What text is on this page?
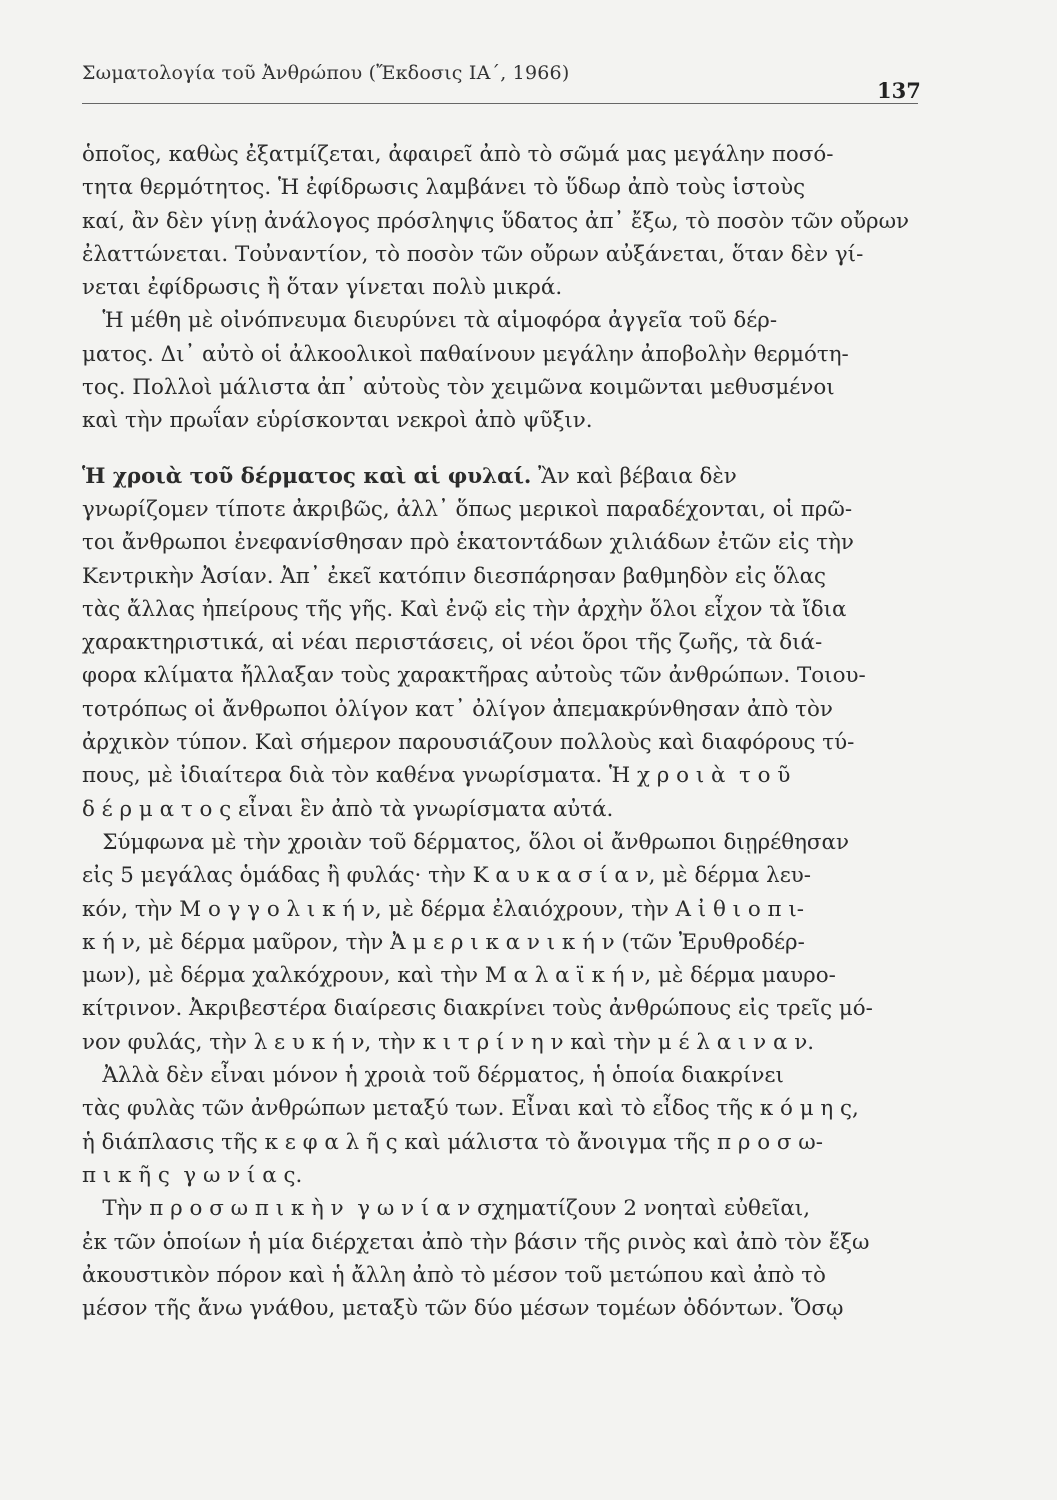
Σωματολογία τοῦ Ἀνθρώπου (Ἔκδοσις ΙΑ΄, 1966)
137
ὁποῖος, καθὼς ἐξατμίζεται, ἀφαιρεῖ ἀπὸ τὸ σῶμά μας μεγάλην ποσό-
τητα θερμότητος. Ἡ ἐφίδρωσις λαμβάνει τὸ ὕδωρ ἀπὸ τοὺς ἱστοὺς
καί, ἂν δὲν γίνῃ ἀνάλογος πρόσληψις ὕδατος ἀπ᾿ ἔξω, τὸ ποσὸν τῶν οὔρων
ἐλαττώνεται. Τοὐναντίον, τὸ ποσὸν τῶν οὔρων αὐξάνεται, ὅταν δὲν γί-
νεται ἐφίδρωσις ἢ ὅταν γίνεται πολὺ μικρά.
Ἡ μέθη μὲ οἰνόπνευμα διευρύνει τὰ αἱμοφόρα ἀγγεῖα τοῦ δέρ-
ματος. Δι᾿ αὐτὸ οἱ ἀλκοολικοὶ παθαίνουν μεγάλην ἀποβολὴν θερμότη-
τος. Πολλοὶ μάλιστα ἀπ᾿ αὐτοὺς τὸν χειμῶνα κοιμῶνται μεθυσμένοι
καὶ τὴν πρωΐαν εὑρίσκονται νεκροὶ ἀπὸ ψῦξιν.
Ἡ χροιὰ τοῦ δέρματος καὶ αἱ φυλαί. Ἂν καὶ βέβαια δὲν
γνωρίζομεν τίποτε ἀκριβῶς, ἀλλ᾿ ὅπως μερικοὶ παραδέχονται, οἱ πρῶ-
τοι ἄνθρωποι ἐνεφανίσθησαν πρὸ ἑκατοντάδων χιλιάδων ἐτῶν εἰς τὴν
Κεντρικὴν Ἀσίαν. Ἀπ᾿ ἐκεῖ κατόπιν διεσπάρησαν βαθμηδὸν εἰς ὅλας
τὰς ἄλλας ἠπείρους τῆς γῆς. Καὶ ἐνῷ εἰς τὴν ἀρχὴν ὅλοι εἶχον τὰ ἴδια
χαρακτηριστικά, αἱ νέαι περιστάσεις, οἱ νέοι ὅροι τῆς ζωῆς, τὰ διά-
φορα κλίματα ἤλλαξαν τοὺς χαρακτῆρας αὐτοὺς τῶν ἀνθρώπων. Τοιου-
τοτρόπως οἱ ἄνθρωποι ὀλίγον κατ᾿ ὀλίγον ἀπεμακρύνθησαν ἀπὸ τὸν
ἀρχικὸν τύπον. Καὶ σήμερον παρουσιάζουν πολλοὺς καὶ διαφόρους τύ-
πους, μὲ ἰδιαίτερα διὰ τὸν καθένα γνωρίσματα. Ἡ χ ρ ο ι ὰ  τ ο ῦ
δ έ ρ μ α τ ο ς εἶναι ἓν ἀπὸ τὰ γνωρίσματα αὐτά.
Σύμφωνα μὲ τὴν χροιὰν τοῦ δέρματος, ὅλοι οἱ ἄνθρωποι διῃρέθησαν
εἰς 5 μεγάλας ὁμάδας ἢ φυλάς· τὴν Κ α υ κ α σ ί α ν, μὲ δέρμα λευ-
κόν, τὴν Μ ο γ γ ο λ ι κ ή ν, μὲ δέρμα ἐλαιόχρουν, τὴν Α ἰ θ ι ο π ι-
κ ή ν, μὲ δέρμα μαῦρον, τὴν Ἀ μ ε ρ ι κ α ν ι κ ή ν (τῶν Ἐρυθροδέρ-
μων), μὲ δέρμα χαλκόχρουν, καὶ τὴν Μ α λ α ϊ κ ή ν, μὲ δέρμα μαυρο-
κίτρινον. Ἀκριβεστέρα διαίρεσις διακρίνει τοὺς ἀνθρώπους εἰς τρεῖς μό-
νον φυλάς, τὴν λ ε υ κ ή ν, τὴν κ ι τ ρ ί ν η ν καὶ τὴν μ έ λ α ι ν α ν.
Ἀλλὰ δὲν εἶναι μόνον ἡ χροιὰ τοῦ δέρματος, ἡ ὁποία διακρίνει
τὰς φυλὰς τῶν ἀνθρώπων μεταξύ των. Εἶναι καὶ τὸ εἶδος τῆς κ ό μ η ς,
ἡ διάπλασις τῆς κ ε φ α λ ῆ ς καὶ μάλιστα τὸ ἄνοιγμα τῆς π ρ ο σ ω-
π ι κ ῆ ς  γ ω ν ί α ς.
Τὴν π ρ ο σ ω π ι κ ὴ ν  γ ω ν ί α ν σχηματίζουν 2 νοηταὶ εὐθεῖαι,
ἐκ τῶν ὁποίων ἡ μία διέρχεται ἀπὸ τὴν βάσιν τῆς ρινὸς καὶ ἀπὸ τὸν ἔξω
ἀκουστικὸν πόρον καὶ ἡ ἄλλη ἀπὸ τὸ μέσον τοῦ μετώπου καὶ ἀπὸ τὸ
μέσον τῆς ἄνω γνάθου, μεταξὺ τῶν δύο μέσων τομέων ὀδόντων. Ὅσῳ
